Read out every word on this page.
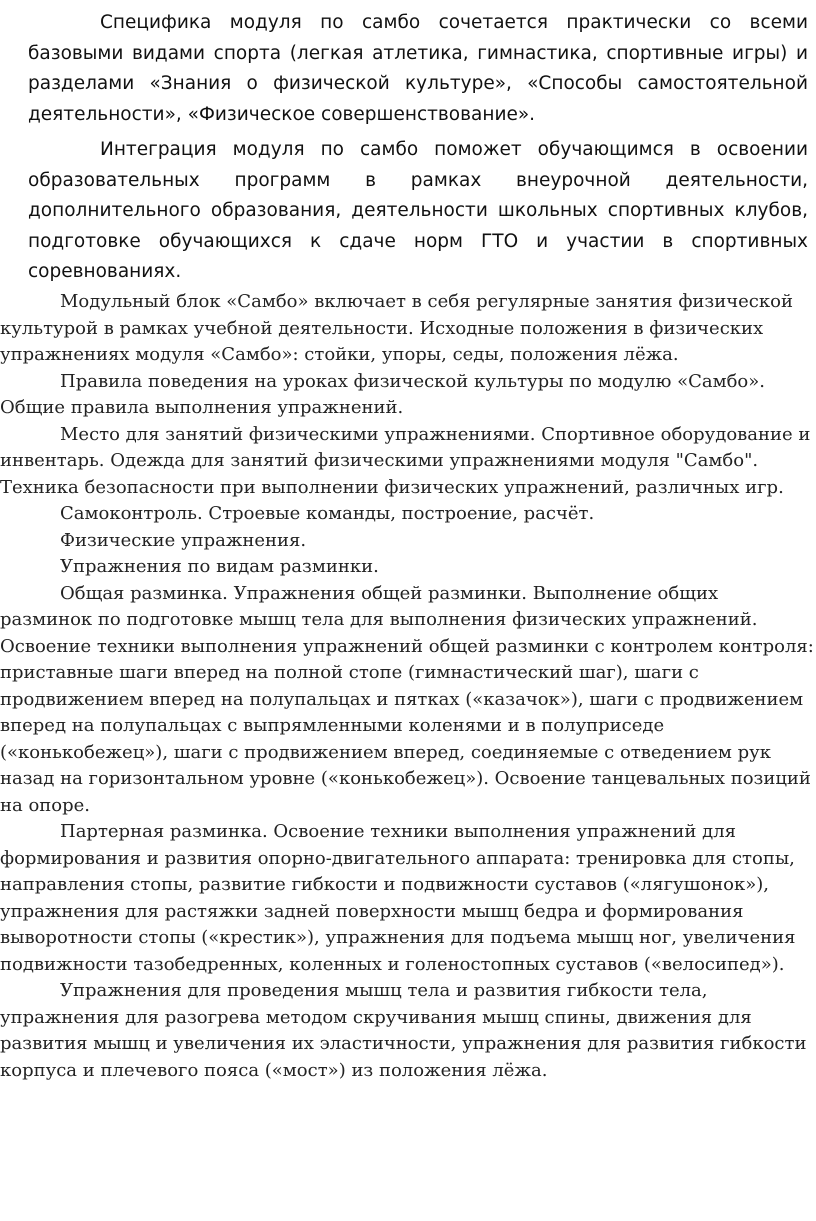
Специфика модуля по самбо сочетается практически со всеми базовыми видами спорта (легкая атлетика, гимнастика, спортивные игры) и разделами «Знания о физической культуре», «Способы самостоятельной деятельности», «Физическое совершенствование».

Интеграция модуля по самбо поможет обучающимся в освоении образовательных программ в рамках внеурочной деятельности, дополнительного образования, деятельности школьных спортивных клубов, подготовке обучающихся к сдаче норм ГТО и участии в спортивных соревнованиях.

Модульный блок «Самбо» включает в себя регулярные занятия физической культурой в рамках учебной деятельности. Исходные положения в физических упражнениях модуля «Самбо»: стойки, упоры, седы, положения лёжа.

Правила поведения на уроках физической культуры по модулю «Самбо». Общие правила выполнения упражнений.

Место для занятий физическими упражнениями. Спортивное оборудование и инвентарь. Одежда для занятий физическими упражнениями модуля "Самбо". Техника безопасности при выполнении физических упражнений, различных игр.

Самоконтроль. Строевые команды, построение, расчёт.

Физические упражнения.

Упражнения по видам разминки.

Общая разминка. Упражнения общей разминки. Выполнение общих разминок по подготовке мышц тела для выполнения физических упражнений. Освоение техники выполнения упражнений общей разминки с контролем контроля: приставные шаги вперед на полной стопе (гимнастический шаг), шаги с продвижением вперед на полупальцах и пятках («казачок»), шаги с продвижением вперед на полупальцах с выпрямленными коленями и в полуприседе («конькобежец»), шаги с продвижением вперед, соединяемые с отведением рук назад на горизонтальном уровне («конькобежец»). Освоение танцевальных позиций на опоре.

Партерная разминка. Освоение техники выполнения упражнений для формирования и развития опорно-двигательного аппарата: тренировка для стопы, направления стопы, развитие гибкости и подвижности суставов («лягушонок»), упражнения для растяжки задней поверхности мышц бедра и формирования выворотности стопы («крестик»), упражнения для подъема мышц ног, увеличения подвижности тазобедренных, коленных и голеностопных суставов («велосипед»).

Упражнения для проведения мышц тела и развития гибкости тела, упражнения для разогрева методом скручивания мышц спины, движения для развития мышц и увеличения их эластичности, упражнения для развития гибкости корпуса и плечевого пояса («мост») из положения лёжа.
